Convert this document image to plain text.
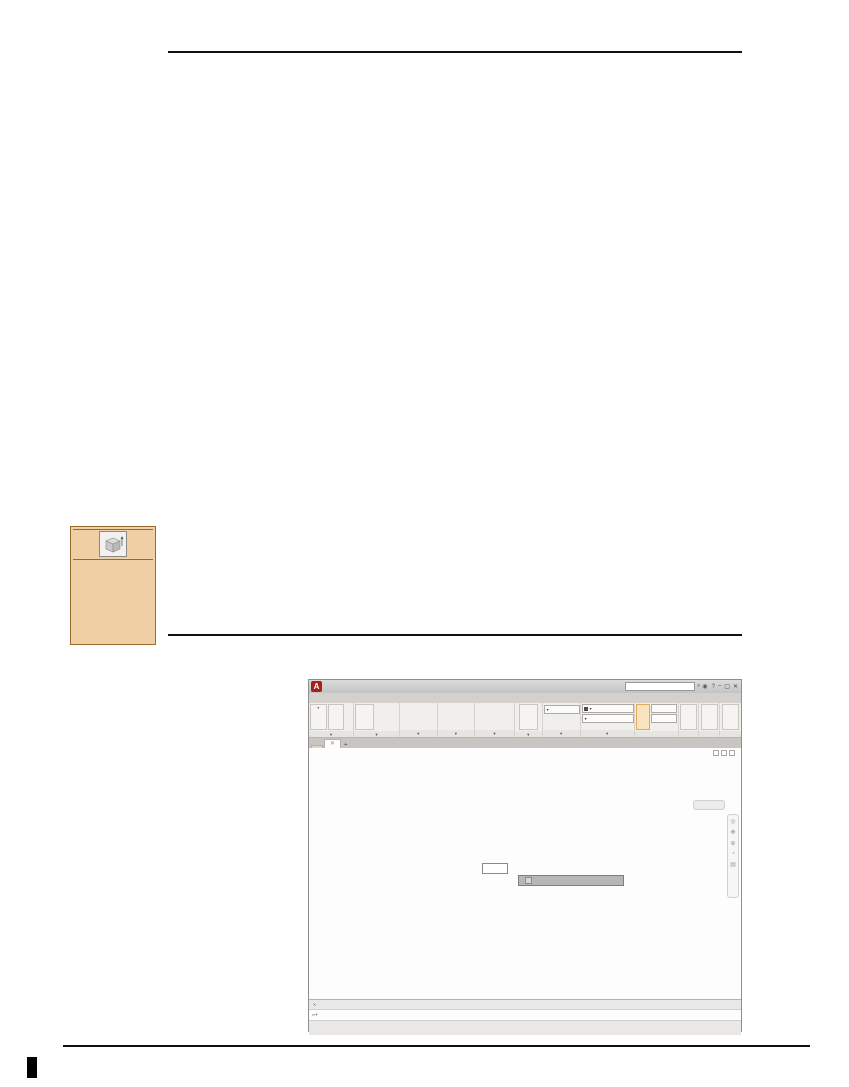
A	⌕ ◉ ? – ▢ ✕
▾
▾	▾	▾	▾	▾	▾
▾
▾
▾
▾
▾
✕	+
◎
✥
⊕
◔
▤
✕
▭▾
